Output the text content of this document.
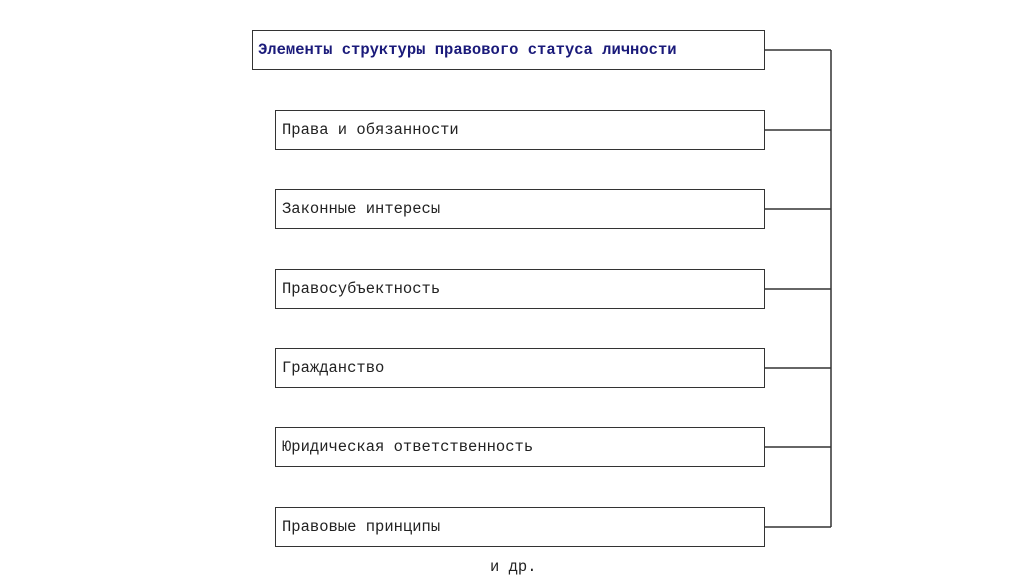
Элементы структуры правового статуса личности
Права и обязанности
Законные интересы
Правосубъектность
Гражданство
Юридическая ответственность
Правовые принципы
и др.
